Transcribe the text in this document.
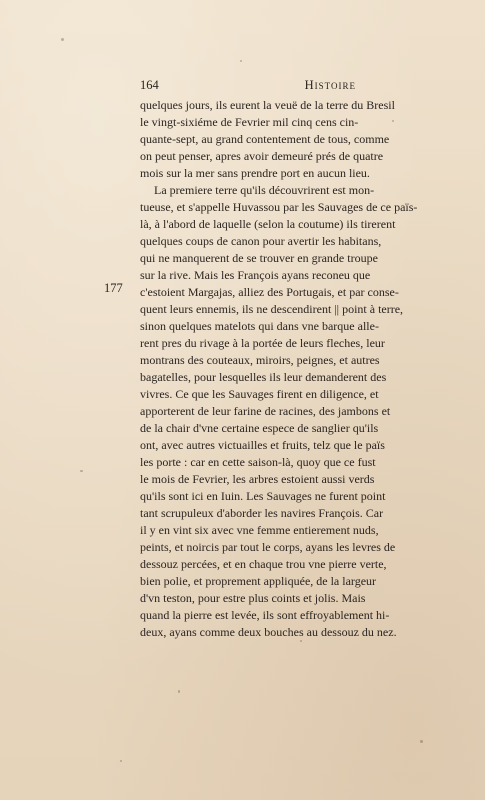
164	Histoire
177
quelques jours, ils eurent la veuë de la terre du Bresil
le vingt-sixiéme de Fevrier mil cinq cens cin-
quante-sept, au grand contentement de tous, comme
on peut penser, apres avoir demeuré prés de quatre
mois sur la mer sans prendre port en aucun lieu.
La premiere terre qu'ils découvrirent est mon-
tueuse, et s'appelle Huvassou par les Sauvages de ce païs-
là, à l'abord de laquelle (selon la coutume) ils tirerent
quelques coups de canon pour avertir les habitans,
qui ne manquerent de se trouver en grande troupe
sur la rive. Mais les François ayans reconeu que
c'estoient Margajas, alliez des Portugais, et par conse-
quent leurs ennemis, ils ne descendirent || point à terre,
sinon quelques matelots qui dans vne barque alle-
rent pres du rivage à la portée de leurs fleches, leur
montrans des couteaux, miroirs, peignes, et autres
bagatelles, pour lesquelles ils leur demanderent des
vivres. Ce que les Sauvages firent en diligence, et
apporterent de leur farine de racines, des jambons et
de la chair d'vne certaine espece de sanglier qu'ils
ont, avec autres victuailles et fruits, telz que le païs
les porte : car en cette saison-là, quoy que ce fust
le mois de Fevrier, les arbres estoient aussi verds
qu'ils sont ici en Iuin. Les Sauvages ne furent point
tant scrupuleux d'aborder les navires François. Car
il y en vint six avec vne femme entierement nuds,
peints, et noircis par tout le corps, ayans les levres de
dessouz percées, et en chaque trou vne pierre verte,
bien polie, et proprement appliquée, de la largeur
d'vn teston, pour estre plus coints et jolis. Mais
quand la pierre est levée, ils sont effroyablement hi-
deux, ayans comme deux bouches au dessouz du nez.
